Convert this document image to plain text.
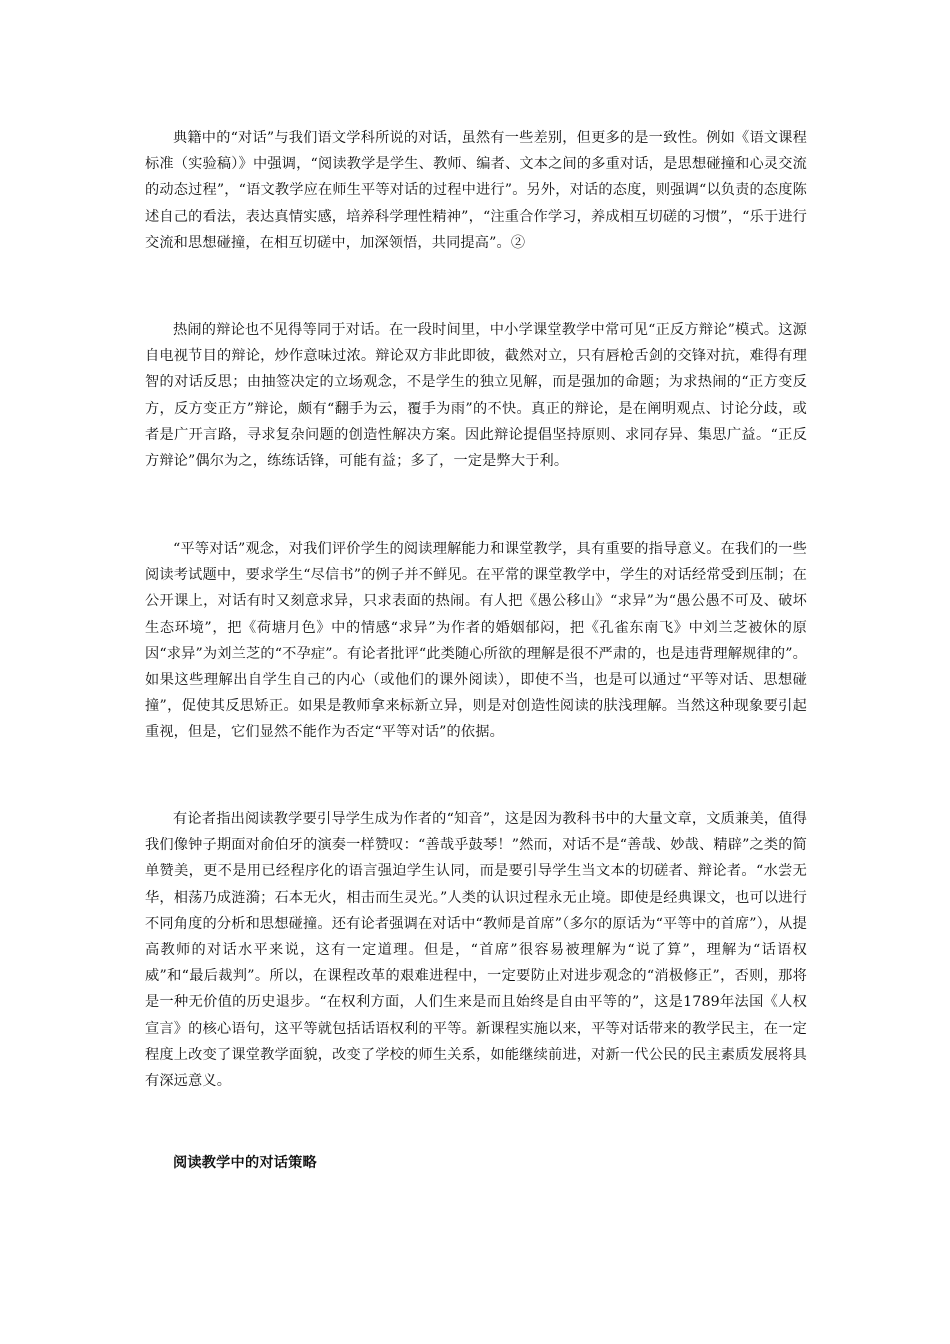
典籍中的“对话”与我们语文学科所说的对话，虽然有一些差别，但更多的是一致性。例如《语文课程标准（实验稿）》中强调，“阅读教学是学生、教师、编者、文本之间的多重对话，是思想碰撞和心灵交流的动态过程”，“语文教学应在师生平等对话的过程中进行”。另外，对话的态度，则强调“以负责的态度陈述自己的看法，表达真情实感，培养科学理性精神”，“注重合作学习，养成相互切磋的习惯”，“乐于进行交流和思想碰撞，在相互切磋中，加深领悟，共同提高”。②

热闹的辩论也不见得等同于对话。在一段时间里，中小学课堂教学中常可见“正反方辩论”模式。这源自电视节目的辩论，炒作意味过浓。辩论双方非此即彼，截然对立，只有唇枪舌剑的交锋对抗，难得有理智的对话反思；由抽签决定的立场观念，不是学生的独立见解，而是强加的命题；为求热闹的“正方变反方，反方变正方”辩论，颇有“翻手为云，覆手为雨”的不快。真正的辩论，是在阐明观点、讨论分歧，或者是广开言路，寻求复杂问题的创造性解决方案。因此辩论提倡坚持原则、求同存异、集思广益。“正反方辩论”偶尔为之，练练话锋，可能有益；多了，一定是弊大于利。

“平等对话”观念，对我们评价学生的阅读理解能力和课堂教学，具有重要的指导意义。在我们的一些阅读考试题中，要求学生“尽信书”的例子并不鲜见。在平常的课堂教学中，学生的对话经常受到压制；在公开课上，对话有时又刻意求异，只求表面的热闹。有人把《愚公移山》“求异”为“愚公愚不可及、破坏生态环境”，把《荷塘月色》中的情感“求异”为作者的婚姻郁闷，把《孔雀东南飞》中刘兰芝被休的原因“求异”为刘兰芝的“不孕症”。有论者批评“此类随心所欲的理解是很不严肃的，也是违背理解规律的”。如果这些理解出自学生自己的内心（或他们的课外阅读），即使不当，也是可以通过“平等对话、思想碰撞”，促使其反思矫正。如果是教师拿来标新立异，则是对创造性阅读的肤浅理解。当然这种现象要引起重视，但是，它们显然不能作为否定“平等对话”的依据。

有论者指出阅读教学要引导学生成为作者的“知音”，这是因为教科书中的大量文章，文质兼美，值得我们像钟子期面对俞伯牙的演奏一样赞叹：“善哉乎鼓琴！”然而，对话不是“善哉、妙哉、精辟”之类的简单赞美，更不是用已经程序化的语言强迫学生认同，而是要引导学生当文本的切磋者、辩论者。“水尝无华，相荡乃成涟漪；石本无火，相击而生灵光。”人类的认识过程永无止境。即使是经典课文，也可以进行不同角度的分析和思想碰撞。还有论者强调在对话中“教师是首席”（多尔的原话为“平等中的首席”），从提高教师的对话水平来说，这有一定道理。但是，“首席”很容易被理解为“说了算”，理解为“话语权威”和“最后裁判”。所以，在课程改革的艰难进程中，一定要防止对进步观念的“消极修正”，否则，那将是一种无价值的历史退步。“在权利方面，人们生来是而且始终是自由平等的”，这是1789年法国《人权宣言》的核心语句，这平等就包括话语权利的平等。新课程实施以来，平等对话带来的教学民主，在一定程度上改变了课堂教学面貌，改变了学校的师生关系，如能继续前进，对新一代公民的民主素质发展将具有深远意义。

阅读教学中的对话策略
